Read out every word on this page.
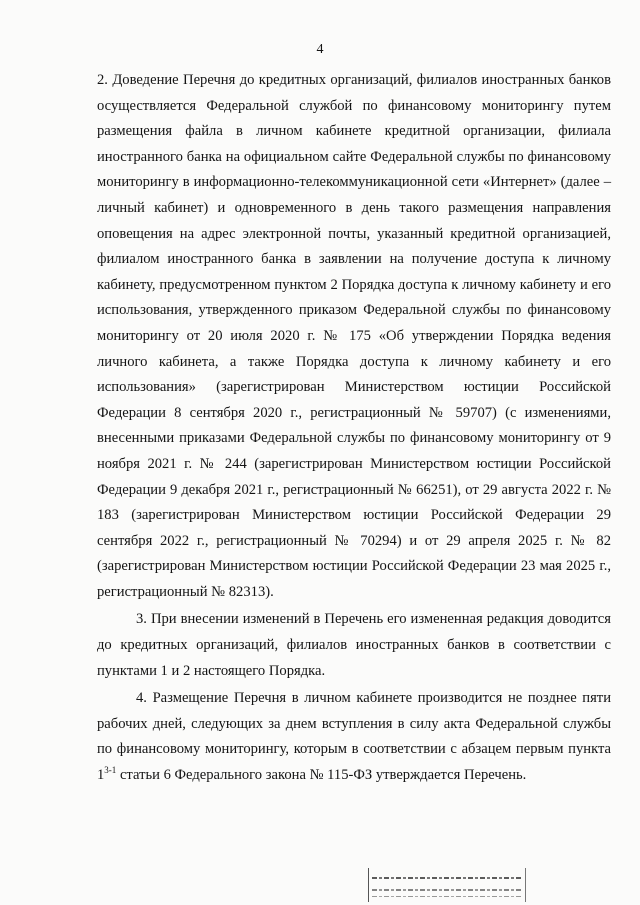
4

2. Доведение Перечня до кредитных организаций, филиалов иностранных банков осуществляется Федеральной службой по финансовому мониторингу путем размещения файла в личном кабинете кредитной организации, филиала иностранного банка на официальном сайте Федеральной службы по финансовому мониторингу в информационно-телекоммуникационной сети «Интернет» (далее – личный кабинет) и одновременного в день такого размещения направления оповещения на адрес электронной почты, указанный кредитной организацией, филиалом иностранного банка в заявлении на получение доступа к личному кабинету, предусмотренном пунктом 2 Порядка доступа к личному кабинету и его использования, утвержденного приказом Федеральной службы по финансовому мониторингу от 20 июля 2020 г. № 175 «Об утверждении Порядка ведения личного кабинета, а также Порядка доступа к личному кабинету и его использования» (зарегистрирован Министерством юстиции Российской Федерации 8 сентября 2020 г., регистрационный № 59707) (с изменениями, внесенными приказами Федеральной службы по финансовому мониторингу от 9 ноября 2021 г. № 244 (зарегистрирован Министерством юстиции Российской Федерации 9 декабря 2021 г., регистрационный № 66251), от 29 августа 2022 г. № 183 (зарегистрирован Министерством юстиции Российской Федерации 29 сентября 2022 г., регистрационный № 70294) и от 29 апреля 2025 г. № 82 (зарегистрирован Министерством юстиции Российской Федерации 23 мая 2025 г., регистрационный № 82313).

3. При внесении изменений в Перечень его измененная редакция доводится до кредитных организаций, филиалов иностранных банков в соответствии с пунктами 1 и 2 настоящего Порядка.

4. Размещение Перечня в личном кабинете производится не позднее пяти рабочих дней, следующих за днем вступления в силу акта Федеральной службы по финансовому мониторингу, которым в соответствии с абзацем первым пункта 1$^{3-1}$ статьи 6 Федерального закона № 115-ФЗ утверждается Перечень.
